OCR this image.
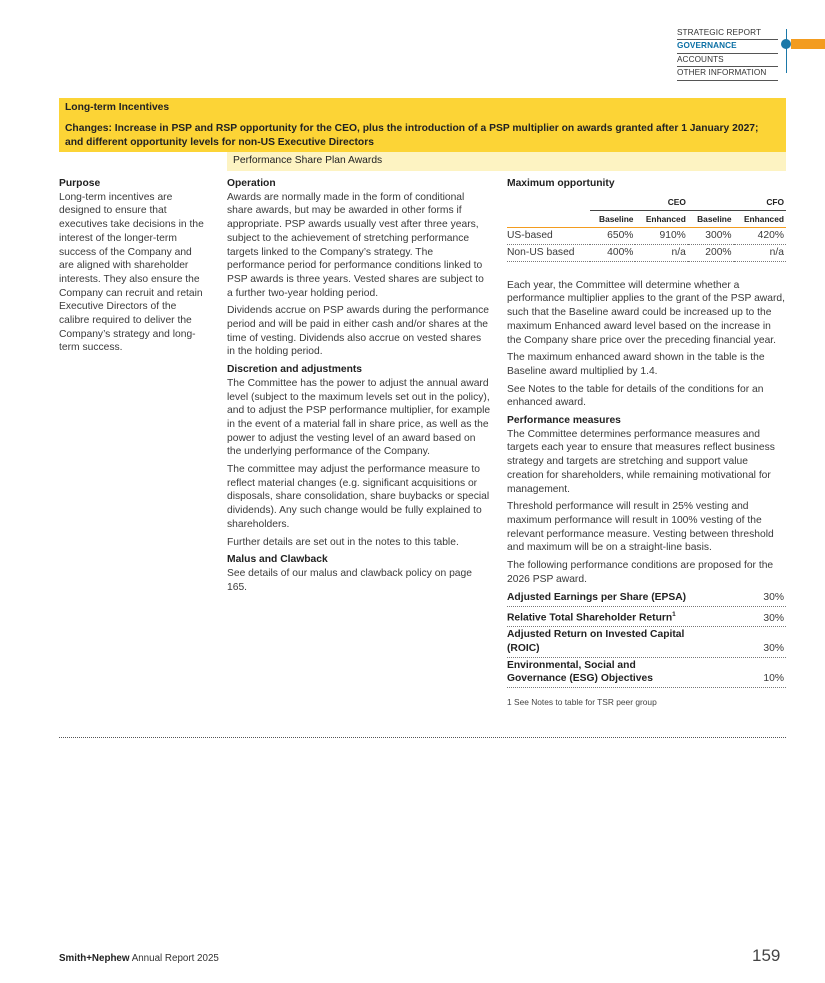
STRATEGIC REPORT
GOVERNANCE
ACCOUNTS
OTHER INFORMATION
Long-term Incentives
Changes: Increase in PSP and RSP opportunity for the CEO, plus the introduction of a PSP multiplier on awards granted after 1 January 2027; and different opportunity levels for non-US Executive Directors
Performance Share Plan Awards
Purpose

Long-term incentives are designed to ensure that executives take decisions in the interest of the longer-term success of the Company and are aligned with shareholder interests. They also ensure the Company can recruit and retain Executive Directors of the calibre required to deliver the Company’s strategy and long-term success.

Operation

Awards are normally made in the form of conditional share awards, but may be awarded in other forms if appropriate. PSP awards usually vest after three years, subject to the achievement of stretching performance targets linked to the Company’s strategy. The performance period for performance conditions linked to PSP awards is three years. Vested shares are subject to a further two-year holding period.

Dividends accrue on PSP awards during the performance period and will be paid in either cash and/or shares at the time of vesting. Dividends also accrue on vested shares in the holding period.

Discretion and adjustments

The Committee has the power to adjust the annual award level (subject to the maximum levels set out in the policy), and to adjust the PSP performance multiplier, for example in the event of a material fall in share price, as well as the power to adjust the vesting level of an award based on the underlying performance of the Company.

The committee may adjust the performance measure to reflect material changes (e.g. significant acquisitions or disposals, share consolidation, share buybacks or special dividends). Any such change would be fully explained to shareholders.

Further details are set out in the notes to this table.

Malus and Clawback

See details of our malus and clawback policy on page 165.

Maximum opportunity
	CEO		CFO	
	Baseline	Enhanced	Baseline	Enhanced
US-based	650%	910%	300%	420%
Non-US based	400%	n/a	200%	n/a

Each year, the Committee will determine whether a performance multiplier applies to the grant of the PSP award, such that the Baseline award could be increased up to the maximum Enhanced award level based on the increase in the Company share price over the preceding financial year.

The maximum enhanced award shown in the table is the Baseline award multiplied by 1.4.

See Notes to the table for details of the conditions for an enhanced award.

Performance measures

The Committee determines performance measures and targets each year to ensure that measures reflect business strategy and targets are stretching and support value creation for shareholders, while remaining motivational for management.

Threshold performance will result in 25% vesting and maximum performance will result in 100% vesting of the relevant performance measure. Vesting between threshold and maximum will be on a straight-line basis.

The following performance conditions are proposed for the 2026 PSP award.

Adjusted Earnings per Share (EPSA)	30%
Relative Total Shareholder Return$^1$	30%
Adjusted Return on Invested Capital (ROIC)	30%
Environmental, Social and Governance (ESG) Objectives	10%
1 See Notes to table for TSR peer group
Smith+Nephew Annual Report 2025	159
